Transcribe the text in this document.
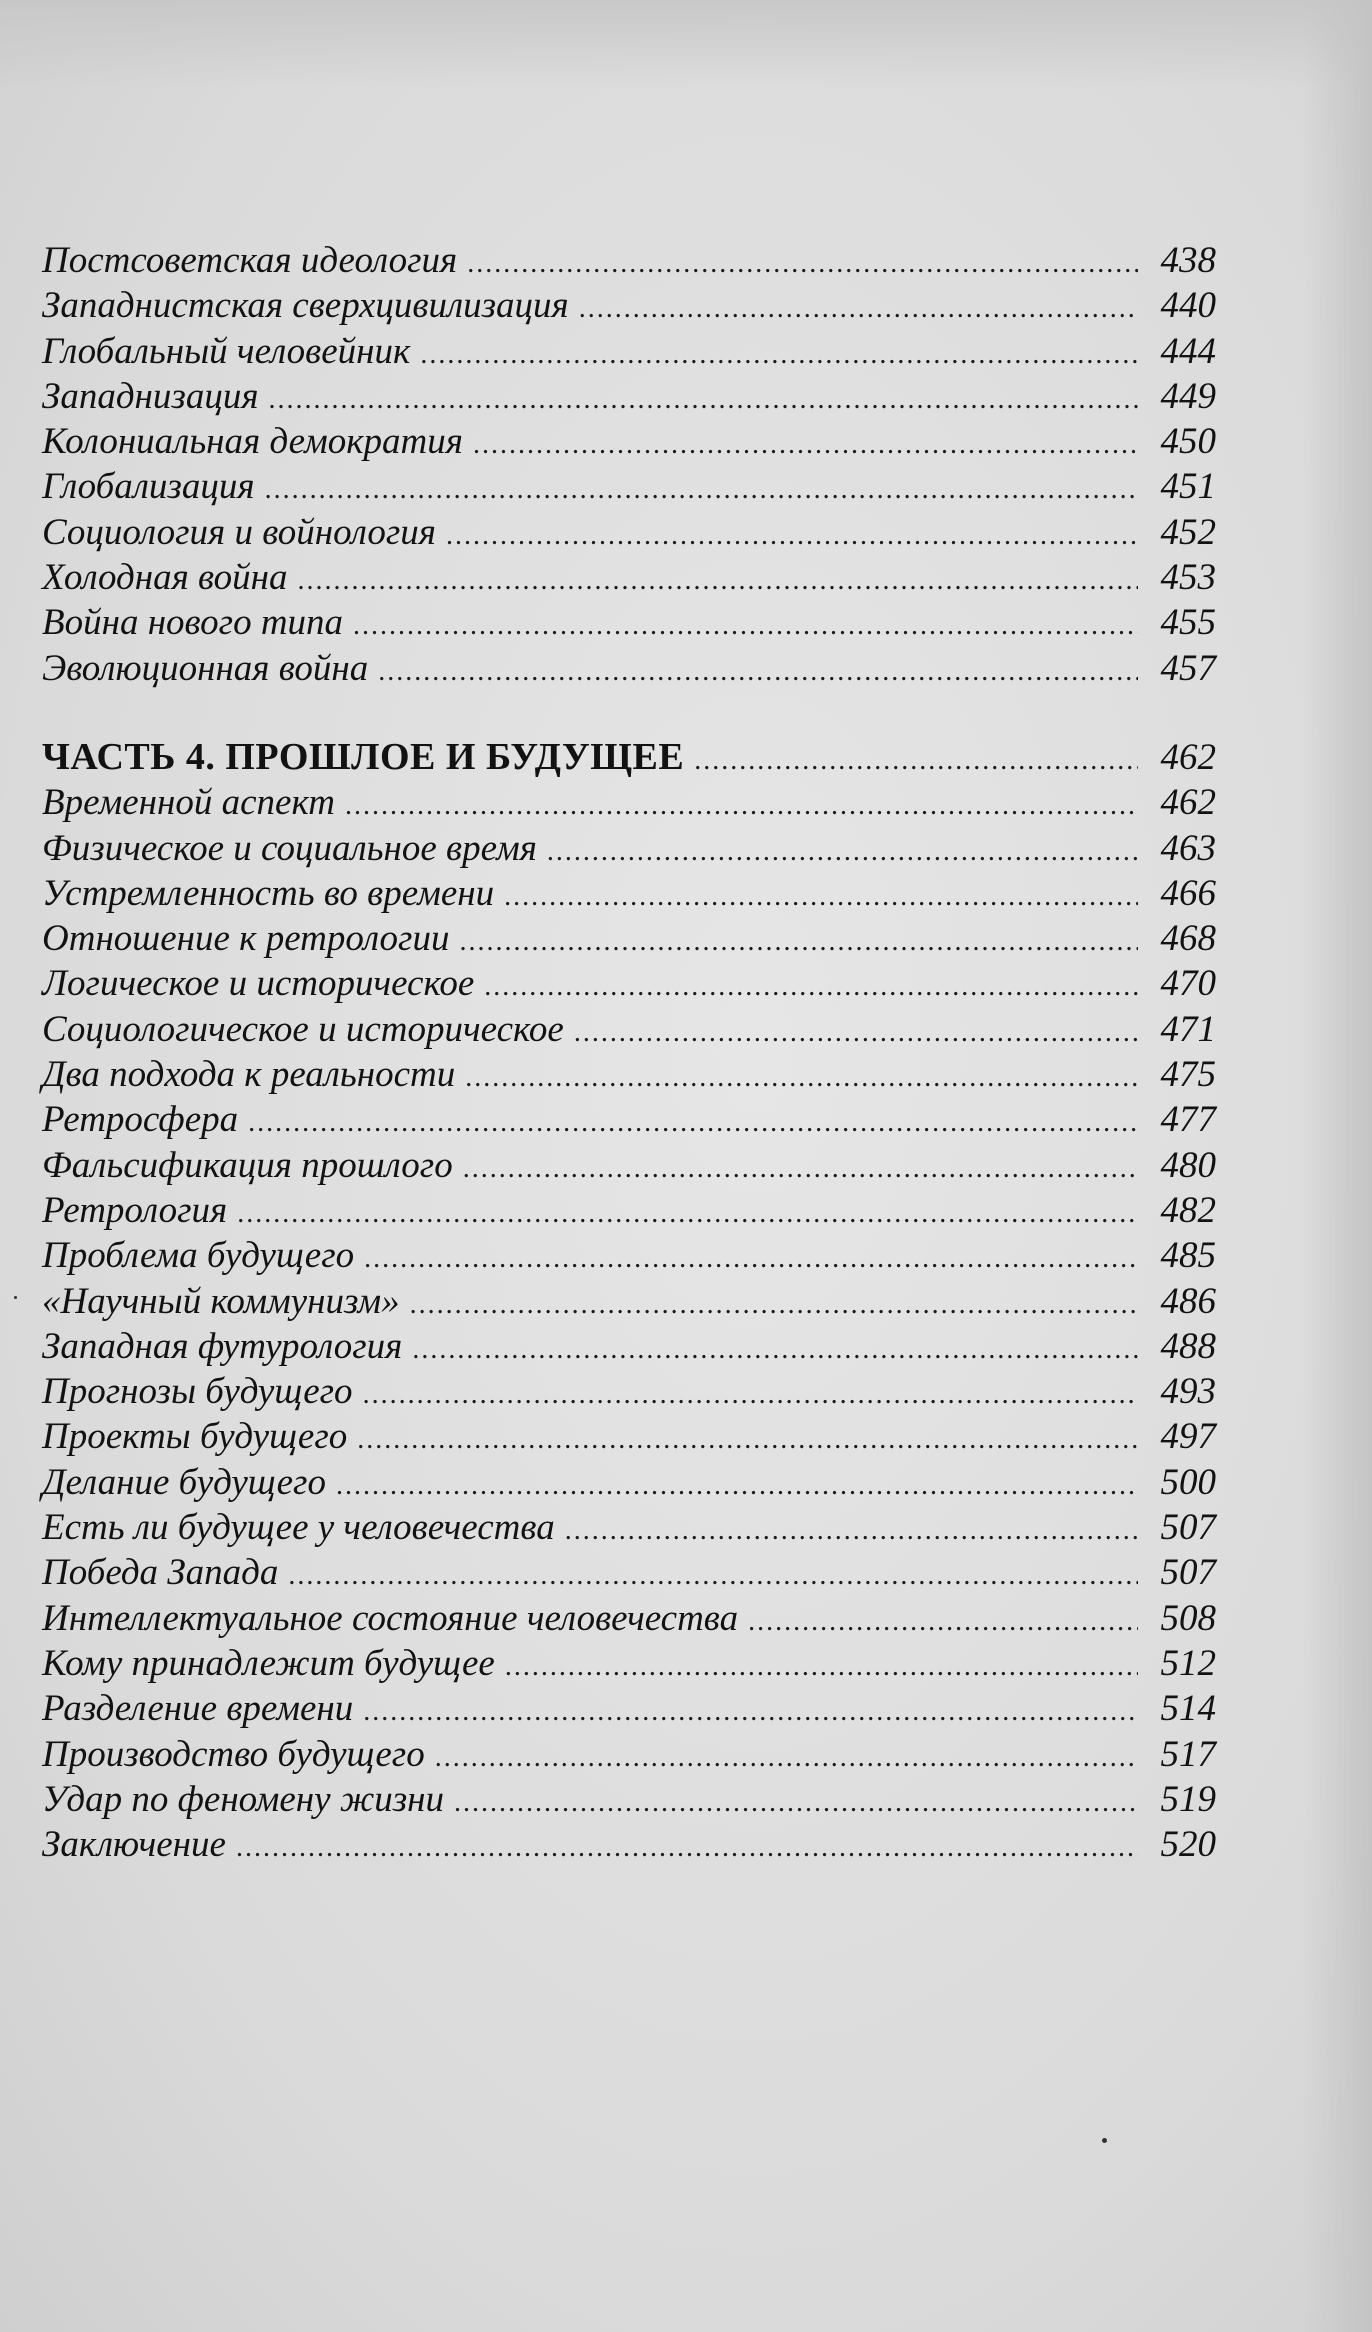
Постсоветская идеология .....	438
Западнистская сверхцивилизация .....	440
Глобальный человейник .....	444
Западнизация .....	449
Колониальная демократия .....	450
Глобализация .....	451
Социология и войнология .....	452
Холодная война .....	453
Война нового типа .....	455
Эволюционная война .....	457
ЧАСТЬ 4. ПРОШЛОЕ И БУДУЩЕЕ .....	462
Временной аспект .....	462
Физическое и социальное время .....	463
Устремленность во времени .....	466
Отношение к ретрологии .....	468
Логическое и историческое .....	470
Социологическое и историческое .....	471
Два подхода к реальности .....	475
Ретросфера .....	477
Фальсификация прошлого .....	480
Ретрология .....	482
Проблема будущего .....	485
«Научный коммунизм» .....	486
Западная футурология .....	488
Прогнозы будущего .....	493
Проекты будущего .....	497
Делание будущего .....	500
Есть ли будущее у человечества .....	507
Победа Запада .....	507
Интеллектуальное состояние человечества .....	508
Кому принадлежит будущее .....	512
Разделение времени .....	514
Производство будущего .....	517
Удар по феномену жизни .....	519
Заключение .....	520
